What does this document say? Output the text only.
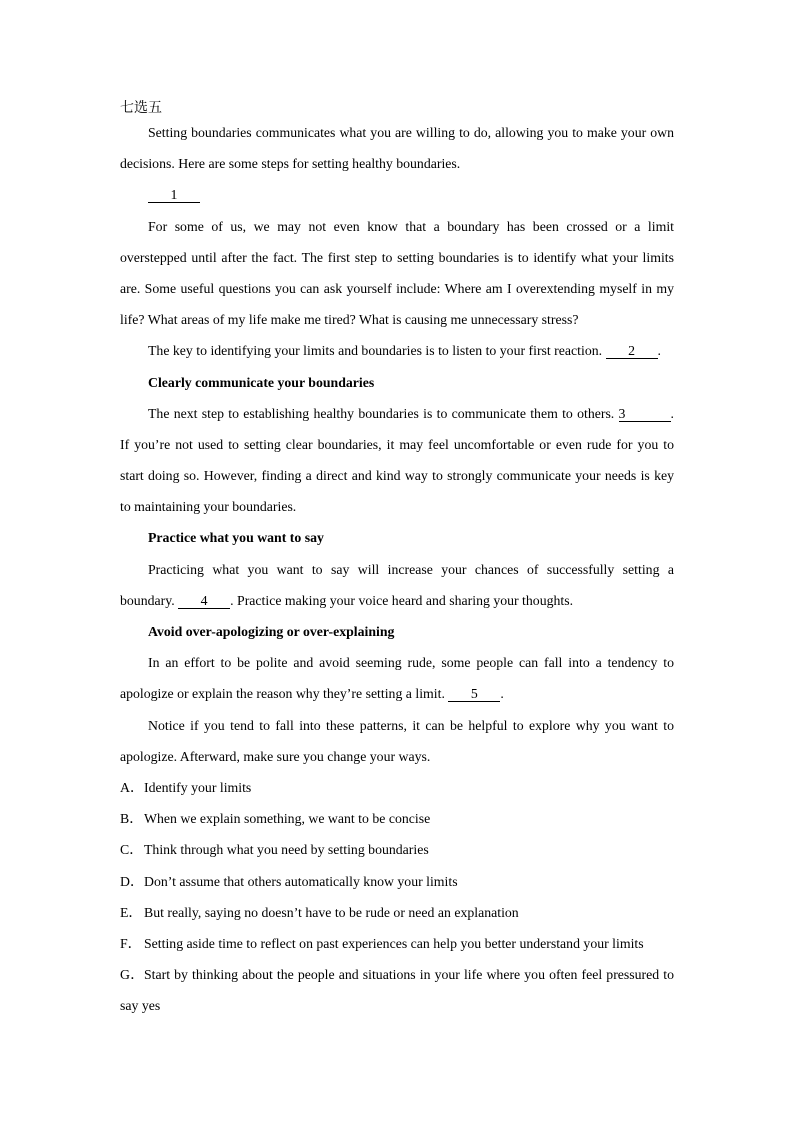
七选五
Setting boundaries communicates what you are willing to do, allowing you to make your own
decisions. Here are some steps for setting healthy boundaries.
1
For some of us, we may not even know that a boundary has been crossed or a limit
overstepped until after the fact. The first step to setting boundaries is to identify what your limits
are. Some useful questions you can ask yourself include: Where am I overextending myself in my
life? What areas of my life make me tired? What is causing me unnecessary stress?
The key to identifying your limits and boundaries is to listen to your first reaction. 2 .
Clearly communicate your boundaries
The next step to establishing healthy boundaries is to communicate them to others. 3	.
If you’re not used to setting clear boundaries, it may feel uncomfortable or even rude for you to
start doing so. However, finding a direct and kind way to strongly communicate your needs is key
to maintaining your boundaries.
Practice what you want to say
Practicing what you want to say will increase your chances of successfully setting a
boundary. 4 . Practice making your voice heard and sharing your thoughts.
Avoid over-apologizing or over-explaining
In an effort to be polite and avoid seeming rude, some people can fall into a tendency to
apologize or explain the reason why they’re setting a limit. 5 .
Notice if you tend to fall into these patterns, it can be helpful to explore why you want to
apologize. Afterward, make sure you change your ways.
A．Identify your limits
B．When we explain something, we want to be concise
C．Think through what you need by setting boundaries
D．Don’t assume that others automatically know your limits
E． But really, saying no doesn’t have to be rude or need an explanation
F． Setting aside time to reflect on past experiences can help you better understand your limits
G．Start by thinking about the people and situations in your life where you often feel pressured to
say yes
